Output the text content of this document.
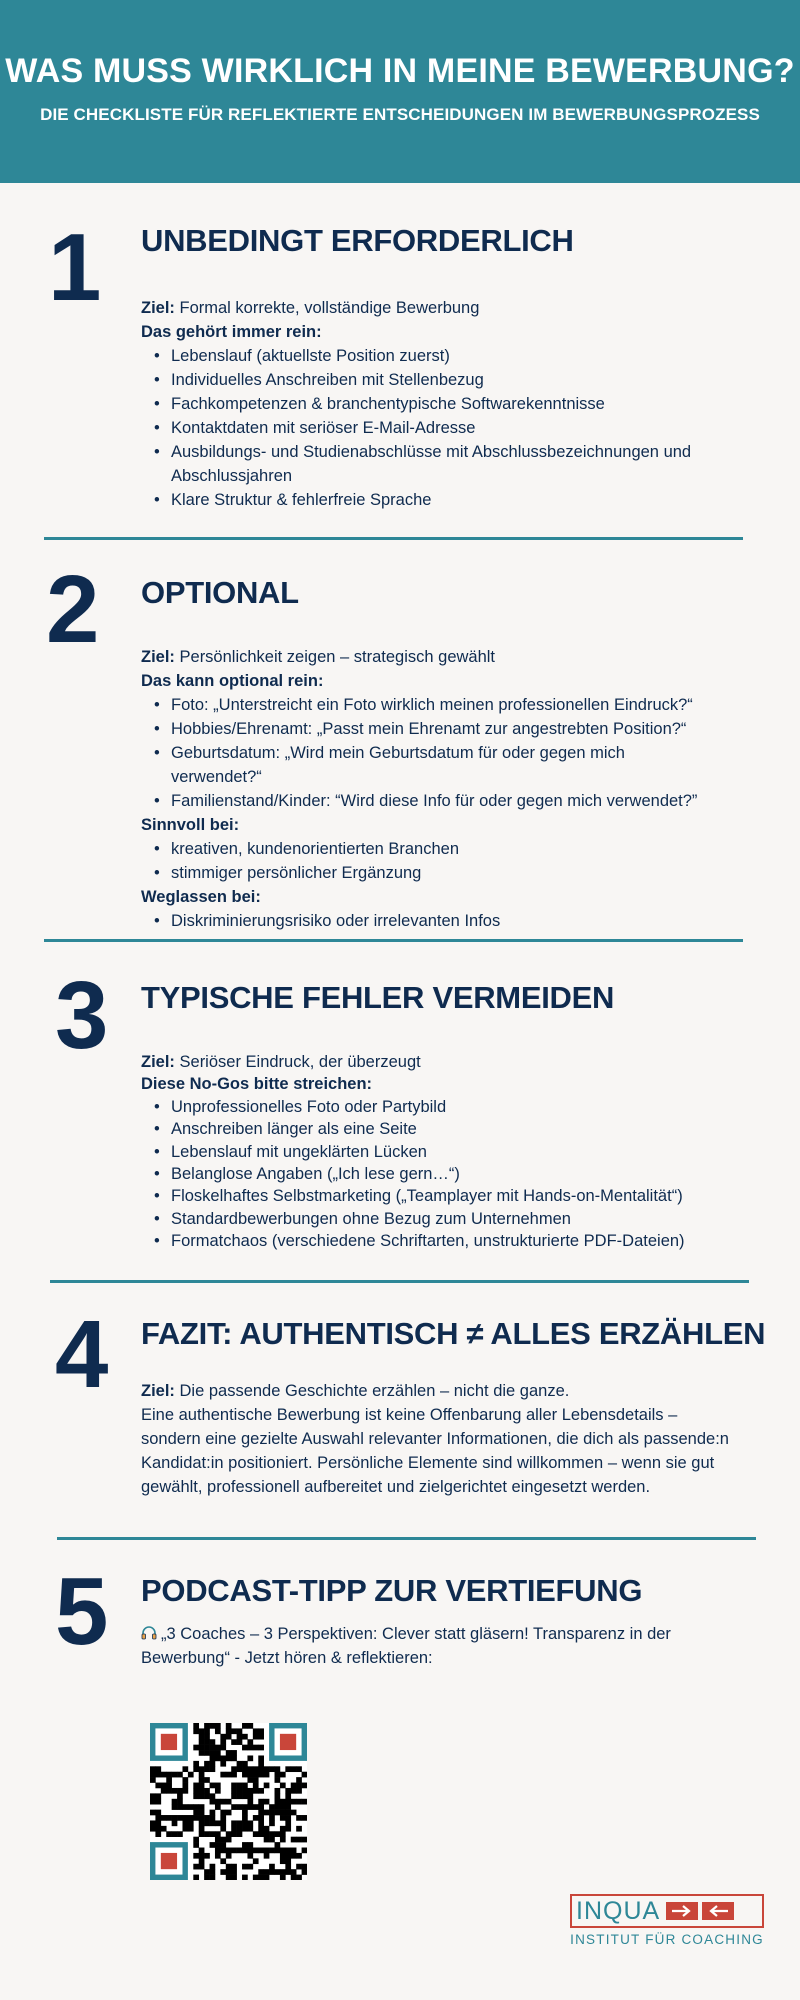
WAS MUSS WIRKLICH IN MEINE BEWERBUNG?
DIE CHECKLISTE FÜR REFLEKTIERTE ENTSCHEIDUNGEN IM BEWERBUNGSPROZESS
1 UNBEDINGT ERFORDERLICH
Ziel: Formal korrekte, vollständige Bewerbung
Das gehört immer rein:
• Lebenslauf (aktuellste Position zuerst)
• Individuelles Anschreiben mit Stellenbezug
• Fachkompetenzen & branchentypische Softwarekenntnisse
• Kontaktdaten mit seriöser E-Mail-Adresse
• Ausbildungs- und Studienabschlüsse mit Abschlussbezeichnungen und Abschlussjahren
• Klare Struktur & fehlerfreie Sprache
2 OPTIONAL
Ziel: Persönlichkeit zeigen – strategisch gewählt
Das kann optional rein:
• Foto: „Unterstreicht ein Foto wirklich meinen professionellen Eindruck?“
• Hobbies/Ehrenamt: „Passt mein Ehrenamt zur angestrebten Position?“
• Geburtsdatum: „Wird mein Geburtsdatum für oder gegen mich verwendet?“
• Familienstand/Kinder: “Wird diese Info für oder gegen mich verwendet?”
Sinnvoll bei:
• kreativen, kundenorientierten Branchen
• stimmiger persönlicher Ergänzung
Weglassen bei:
• Diskriminierungsrisiko oder irrelevanten Infos
3 TYPISCHE FEHLER VERMEIDEN
Ziel: Seriöser Eindruck, der überzeugt
Diese No-Gos bitte streichen:
• Unprofessionelles Foto oder Partybild
• Anschreiben länger als eine Seite
• Lebenslauf mit ungeklärten Lücken
• Belanglose Angaben („Ich lese gern…“)
• Floskelhaftes Selbstmarketing („Teamplayer mit Hands-on-Mentalität“)
• Standardbewerbungen ohne Bezug zum Unternehmen
• Formatchaos (verschiedene Schriftarten, unstrukturierte PDF-Dateien)
4 FAZIT: AUTHENTISCH ≠ ALLES ERZÄHLEN
Ziel: Die passende Geschichte erzählen – nicht die ganze.
Eine authentische Bewerbung ist keine Offenbarung aller Lebensdetails – sondern eine gezielte Auswahl relevanter Informationen, die dich als passende:n Kandidat:in positioniert. Persönliche Elemente sind willkommen – wenn sie gut gewählt, professionell aufbereitet und zielgerichtet eingesetzt werden.
5 PODCAST-TIPP ZUR VERTIEFUNG
„3 Coaches – 3 Perspektiven: Clever statt gläsern! Transparenz in der Bewerbung“ - Jetzt hören & reflektieren:
INQUA
INSTITUT FÜR COACHING
